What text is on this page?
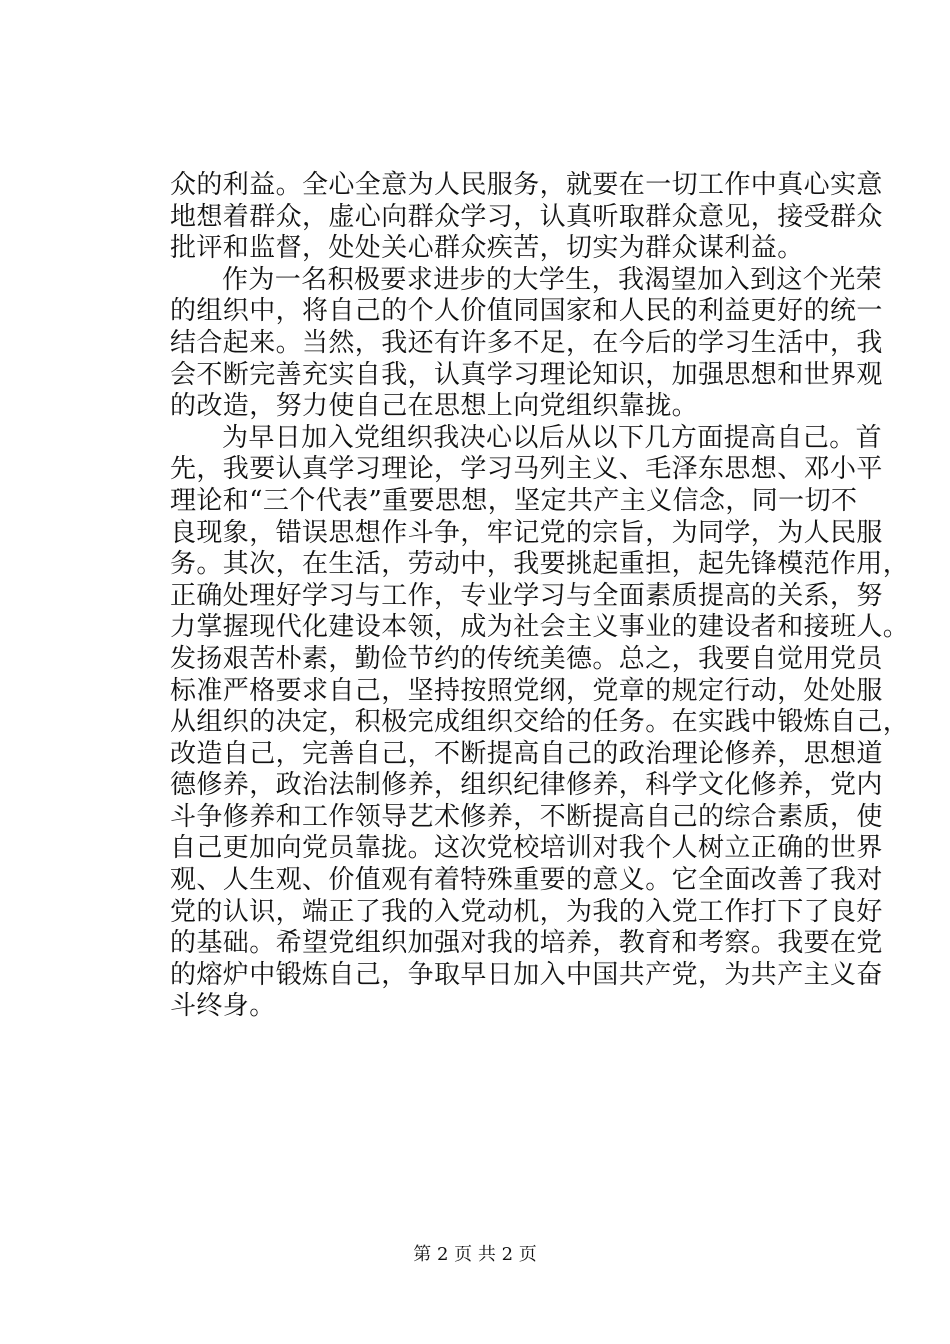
众的利益。全心全意为人民服务，就要在一切工作中真心实意
地想着群众，虚心向群众学习，认真听取群众意见，接受群众
批评和监督，处处关心群众疾苦，切实为群众谋利益。
作为一名积极要求进步的大学生，我渴望加入到这个光荣
的组织中，将自己的个人价值同国家和人民的利益更好的统一
结合起来。当然，我还有许多不足，在今后的学习生活中，我
会不断完善充实自我，认真学习理论知识，加强思想和世界观
的改造，努力使自己在思想上向党组织靠拢。
为早日加入党组织我决心以后从以下几方面提高自己。首
先，我要认真学习理论，学习马列主义、毛泽东思想、邓小平
理论和“三个代表”重要思想，坚定共产主义信念，同一切不
良现象，错误思想作斗争，牢记党的宗旨，为同学，为人民服
务。其次，在生活，劳动中，我要挑起重担，起先锋模范作用，
正确处理好学习与工作，专业学习与全面素质提高的关系，努
力掌握现代化建设本领，成为社会主义事业的建设者和接班人。
发扬艰苦朴素，勤俭节约的传统美德。总之，我要自觉用党员
标准严格要求自己，坚持按照党纲，党章的规定行动，处处服
从组织的决定，积极完成组织交给的任务。在实践中锻炼自己，
改造自己，完善自己，不断提高自己的政治理论修养，思想道
德修养，政治法制修养，组织纪律修养，科学文化修养，党内
斗争修养和工作领导艺术修养，不断提高自己的综合素质，使
自己更加向党员靠拢。这次党校培训对我个人树立正确的世界
观、人生观、价值观有着特殊重要的意义。它全面改善了我对
党的认识，端正了我的入党动机，为我的入党工作打下了良好
的基础。希望党组织加强对我的培养，教育和考察。我要在党
的熔炉中锻炼自己，争取早日加入中国共产党，为共产主义奋
斗终身。
第 2 页 共 2 页
